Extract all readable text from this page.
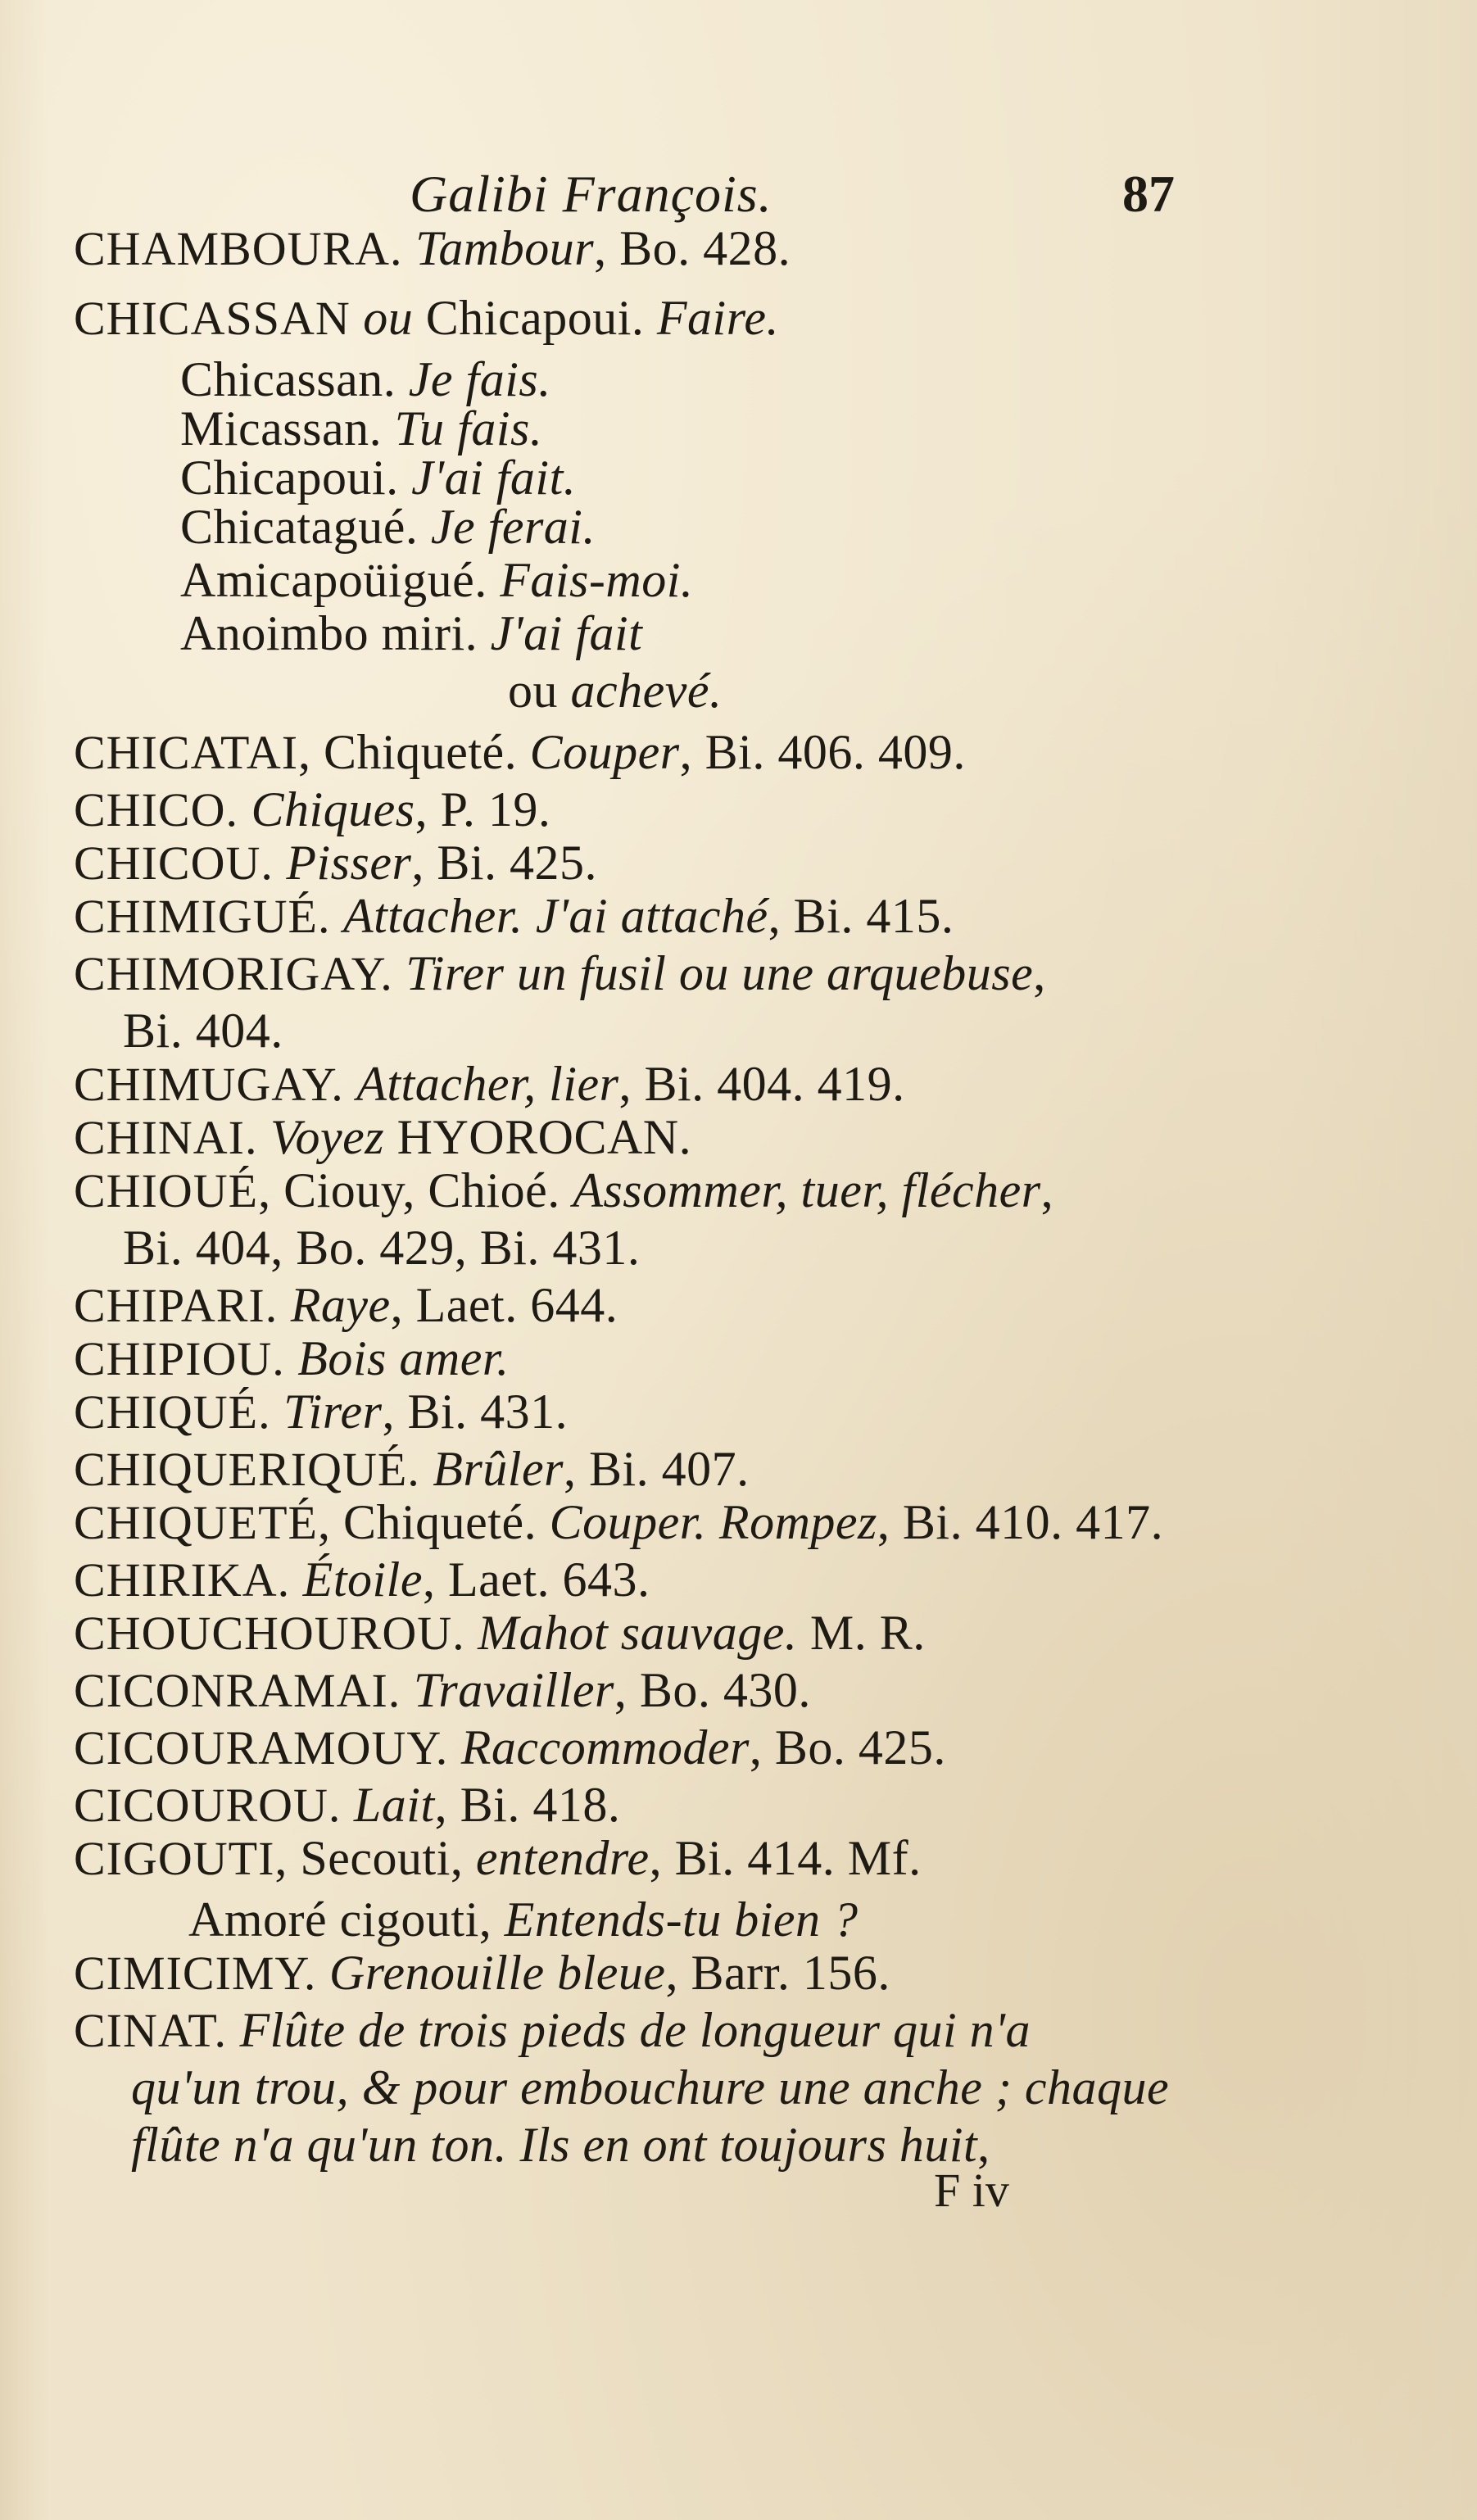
Galibi François.	87
CHAMBOURA. Tambour, Bo. 428.
CHICASSAN ou Chicapoui. Faire.
Chicassan. Je fais.
Micassan. Tu fais.
Chicapoui. J'ai fait.
Chicatagué. Je ferai.
Amicapoüigué. Fais-moi.
Anoimbo miri. J'ai fait
ou achevé.
CHICATAI, Chiqueté. Couper, Bi. 406. 409.
CHICO. Chiques, P. 19.
CHICOU. Pisser, Bi. 425.
CHIMIGUÉ. Attacher. J'ai attaché, Bi. 415.
CHIMORIGAY. Tirer un fusil ou une arquebuse,
Bi. 404.
CHIMUGAY. Attacher, lier, Bi. 404. 419.
CHINAI. Voyez HYOROCAN.
CHIOUÉ, Ciouy, Chioé. Assommer, tuer, flécher,
Bi. 404, Bo. 429, Bi. 431.
CHIPARI. Raye, Laet. 644.
CHIPIOU. Bois amer.
CHIQUÉ. Tirer, Bi. 431.
CHIQUERIQUÉ. Brûler, Bi. 407.
CHIQUETÉ, Chiqueté. Couper. Rompez, Bi. 410. 417.
CHIRIKA. Étoile, Laet. 643.
CHOUCHOUROU. Mahot sauvage. M. R.
CICONRAMAI. Travailler, Bo. 430.
CICOURAMOUY. Raccommoder, Bo. 425.
CICOUROU. Lait, Bi. 418.
CIGOUTI, Secouti, entendre, Bi. 414. Mf.
Amoré cigouti, Entends-tu bien ?
CIMICIMY. Grenouille bleue, Barr. 156.
CINAT. Flûte de trois pieds de longueur qui n'a
qu'un trou, & pour embouchure une anche ; chaque
flûte n'a qu'un ton. Ils en ont toujours huit,
F iv
